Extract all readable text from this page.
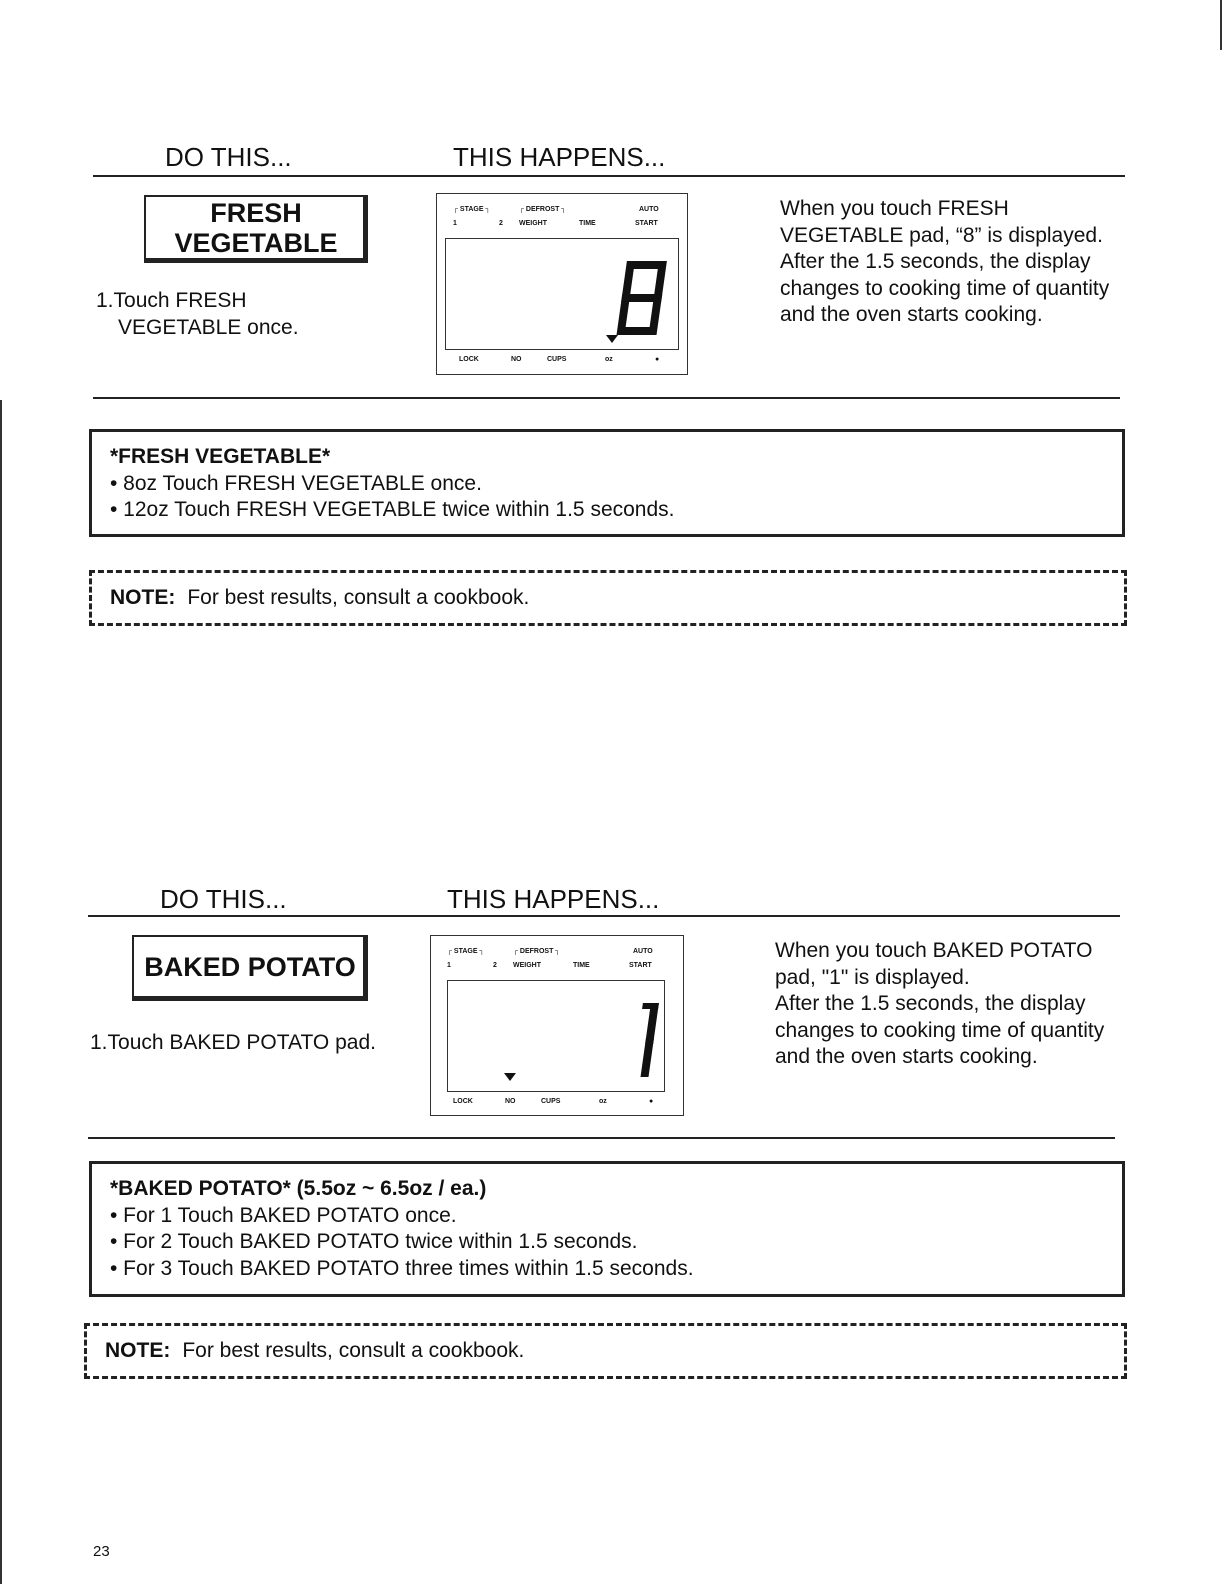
DO THIS...	THIS HAPPENS...
FRESH
VEGETABLE
1.Touch FRESH
VEGETABLE once.
┌ STAGE ┐	┌ DEFROST ┐	AUTO
1	2 WEIGHT	TIME	START
LOCK	NO	CUPS	oz	●
When you touch FRESH
VEGETABLE pad, “8” is displayed.
After the 1.5 seconds, the display
changes to cooking time of quantity
and the oven starts cooking.
*FRESH VEGETABLE*
• 8oz Touch FRESH VEGETABLE once.
• 12oz Touch FRESH VEGETABLE twice within 1.5 seconds.
NOTE: For best results, consult a cookbook.
DO THIS...	THIS HAPPENS...
BAKED POTATO
1.Touch BAKED POTATO pad.
┌ STAGE ┐	┌ DEFROST ┐	AUTO
1	2 WEIGHT	TIME	START
LOCK	NO	CUPS	oz	●
When you touch BAKED POTATO
pad, "1" is displayed.
After the 1.5 seconds, the display
changes to cooking time of quantity
and the oven starts cooking.
*BAKED POTATO* (5.5oz ~ 6.5oz / ea.)
• For 1 Touch BAKED POTATO once.
• For 2 Touch BAKED POTATO twice within 1.5 seconds.
• For 3 Touch BAKED POTATO three times within 1.5 seconds.
NOTE: For best results, consult a cookbook.
23
